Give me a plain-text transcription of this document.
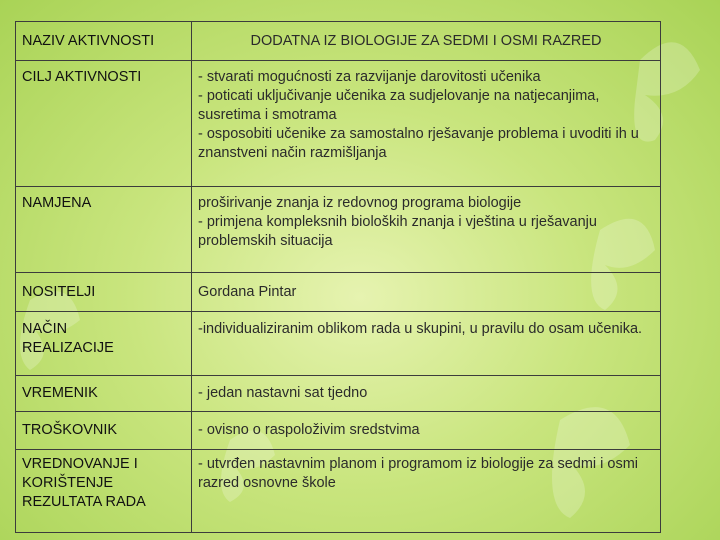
NAZIV AKTIVNOSTI	DODATNA IZ BIOLOGIJE ZA SEDMI I OSMI RAZRED

CILJ AKTIVNOSTI	- stvarati mogućnosti za razvijanje darovitosti učenika
- poticati uključivanje učenika za sudjelovanje na natjecanjima, susretima i smotrama
- osposobiti učenike za samostalno rješavanje problema i uvoditi ih u znanstveni način razmišljanja

NAMJENA	proširivanje znanja iz redovnog programa biologije
- primjena kompleksnih bioloških znanja i vještina u rješavanju problemskih situacija

NOSITELJI	Gordana Pintar

NAČIN
REALIZACIJE	-individualiziranim oblikom rada u skupini, u pravilu do osam učenika.

VREMENIK	- jedan nastavni sat tjedno

TROŠKOVNIK	- ovisno o raspoloživim sredstvima

VREDNOVANJE I
KORIŠTENJE
REZULTATA RADA	- utvrđen nastavnim planom i programom iz biologije za sedmi i osmi razred osnovne škole
